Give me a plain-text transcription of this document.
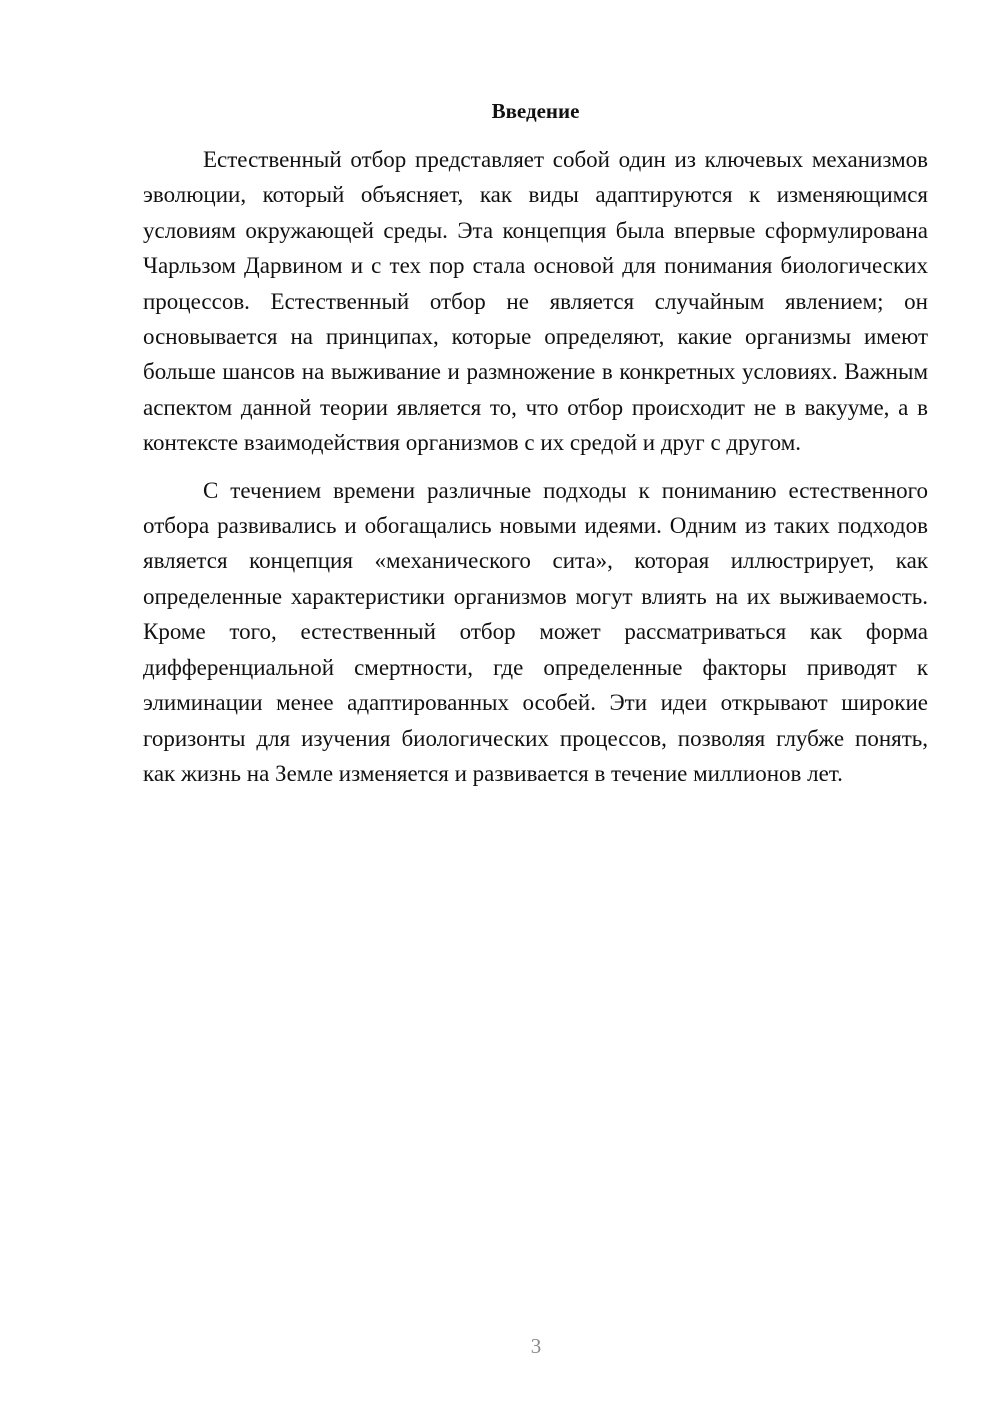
Введение

Естественный отбор представляет собой один из ключевых механизмов эволюции, который объясняет, как виды адаптируются к изменяющимся условиям окружающей среды. Эта концепция была впервые сформулирована Чарльзом Дарвином и с тех пор стала основой для понимания биологических процессов. Естественный отбор не является случайным явлением; он основывается на принципах, которые определяют, какие организмы имеют больше шансов на выживание и размножение в конкретных условиях. Важным аспектом данной теории является то, что отбор происходит не в вакууме, а в контексте взаимодействия организмов с их средой и друг с другом.

С течением времени различные подходы к пониманию естественного отбора развивались и обогащались новыми идеями. Одним из таких подходов является концепция «механического сита», которая иллюстрирует, как определенные характеристики организмов могут влиять на их выживаемость. Кроме того, естественный отбор может рассматриваться как форма дифференциальной смертности, где определенные факторы приводят к элиминации менее адаптированных особей. Эти идеи открывают широкие горизонты для изучения биологических процессов, позволяя глубже понять, как жизнь на Земле изменяется и развивается в течение миллионов лет.

3
